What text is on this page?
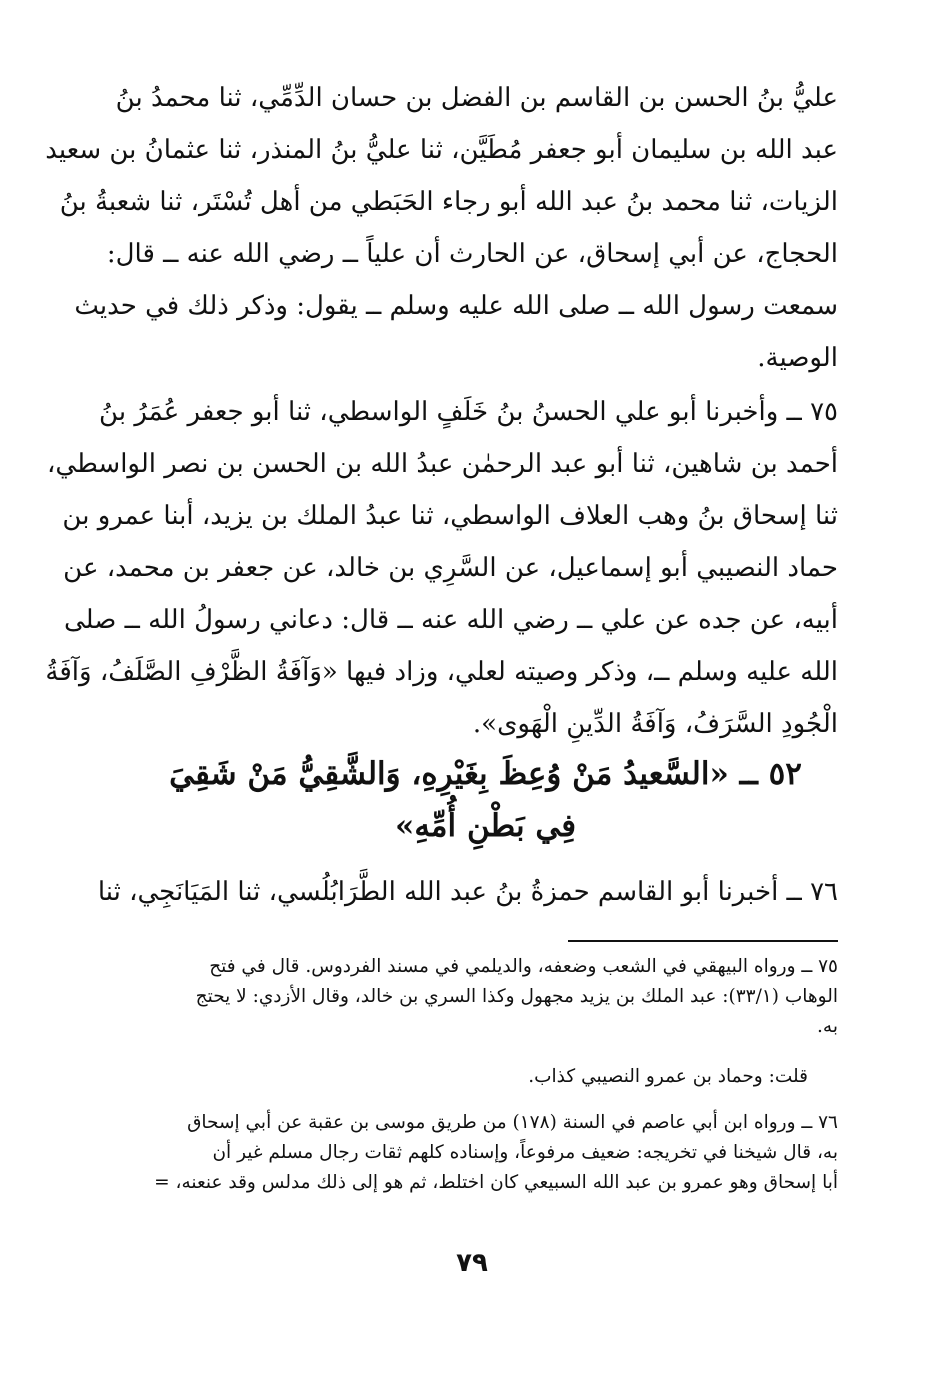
عليُّ بنُ الحسن بن القاسم بن الفضل بن حسان الدِّمِّي، ثنا محمدُ بنُ
عبد الله بن سليمان أبو جعفر مُطَيَّن، ثنا عليُّ بنُ المنذر، ثنا عثمانُ بن سعيد
الزيات، ثنا محمد بنُ عبد الله أبو رجاء الحَبَطي من أهل تُسْتَر، ثنا شعبةُ بنُ
الحجاج، عن أبي إسحاق، عن الحارث أن علياً ــ رضي الله عنه ــ قال:
سمعت رسول الله ــ صلى الله عليه وسلم ــ يقول: وذكر ذلك في حديث
الوصية.
٧٥ ــ وأخبرنا أبو علي الحسنُ بنُ خَلَفٍ الواسطي، ثنا أبو جعفر عُمَرُ بنُ
أحمد بن شاهين، ثنا أبو عبد الرحمٰن عبدُ الله بن الحسن بن نصر الواسطي،
ثنا إسحاق بنُ وهب العلاف الواسطي، ثنا عبدُ الملك بن يزيد، أبنا عمرو بن
حماد النصيبي أبو إسماعيل، عن السَّرِي بن خالد، عن جعفر بن محمد، عن
أبيه، عن جده عن علي ــ رضي الله عنه ــ قال: دعاني رسولُ الله ــ صلى
الله عليه وسلم ــ، وذكر وصيته لعلي، وزاد فيها «وَآفَةُ الظَّرْفِ الصَّلَفُ، وَآفَةُ
الْجُودِ السَّرَفُ، وَآفَةُ الدِّينِ الْهَوى».
٥٢ ــ «السَّعيدُ مَنْ وُعِظَ بِغَيْرِهِ، وَالشَّقِيُّ مَنْ شَقِيَ
فِي بَطْنِ أُمِّهِ»
٧٦ ــ أخبرنا أبو القاسم حمزةُ بنُ عبد الله الطَّرَابُلُسي، ثنا المَيَانَجِي، ثنا
٧٥ ــ ورواه البيهقي في الشعب وضعفه، والديلمي في مسند الفردوس. قال في فتح
الوهاب (٣٣/١): عبد الملك بن يزيد مجهول وكذا السري بن خالد، وقال الأزدي: لا يحتج
به.
قلت: وحماد بن عمرو النصيبي كذاب.
٧٦ ــ ورواه ابن أبي عاصم في السنة (١٧٨) من طريق موسى بن عقبة عن أبي إسحاق
به، قال شيخنا في تخريجه: ضعيف مرفوعاً، وإسناده كلهم ثقات رجال مسلم غير أن
أبا إسحاق وهو عمرو بن عبد الله السبيعي كان اختلط، ثم هو إلى ذلك مدلس وقد عنعنه، =
٧٩
